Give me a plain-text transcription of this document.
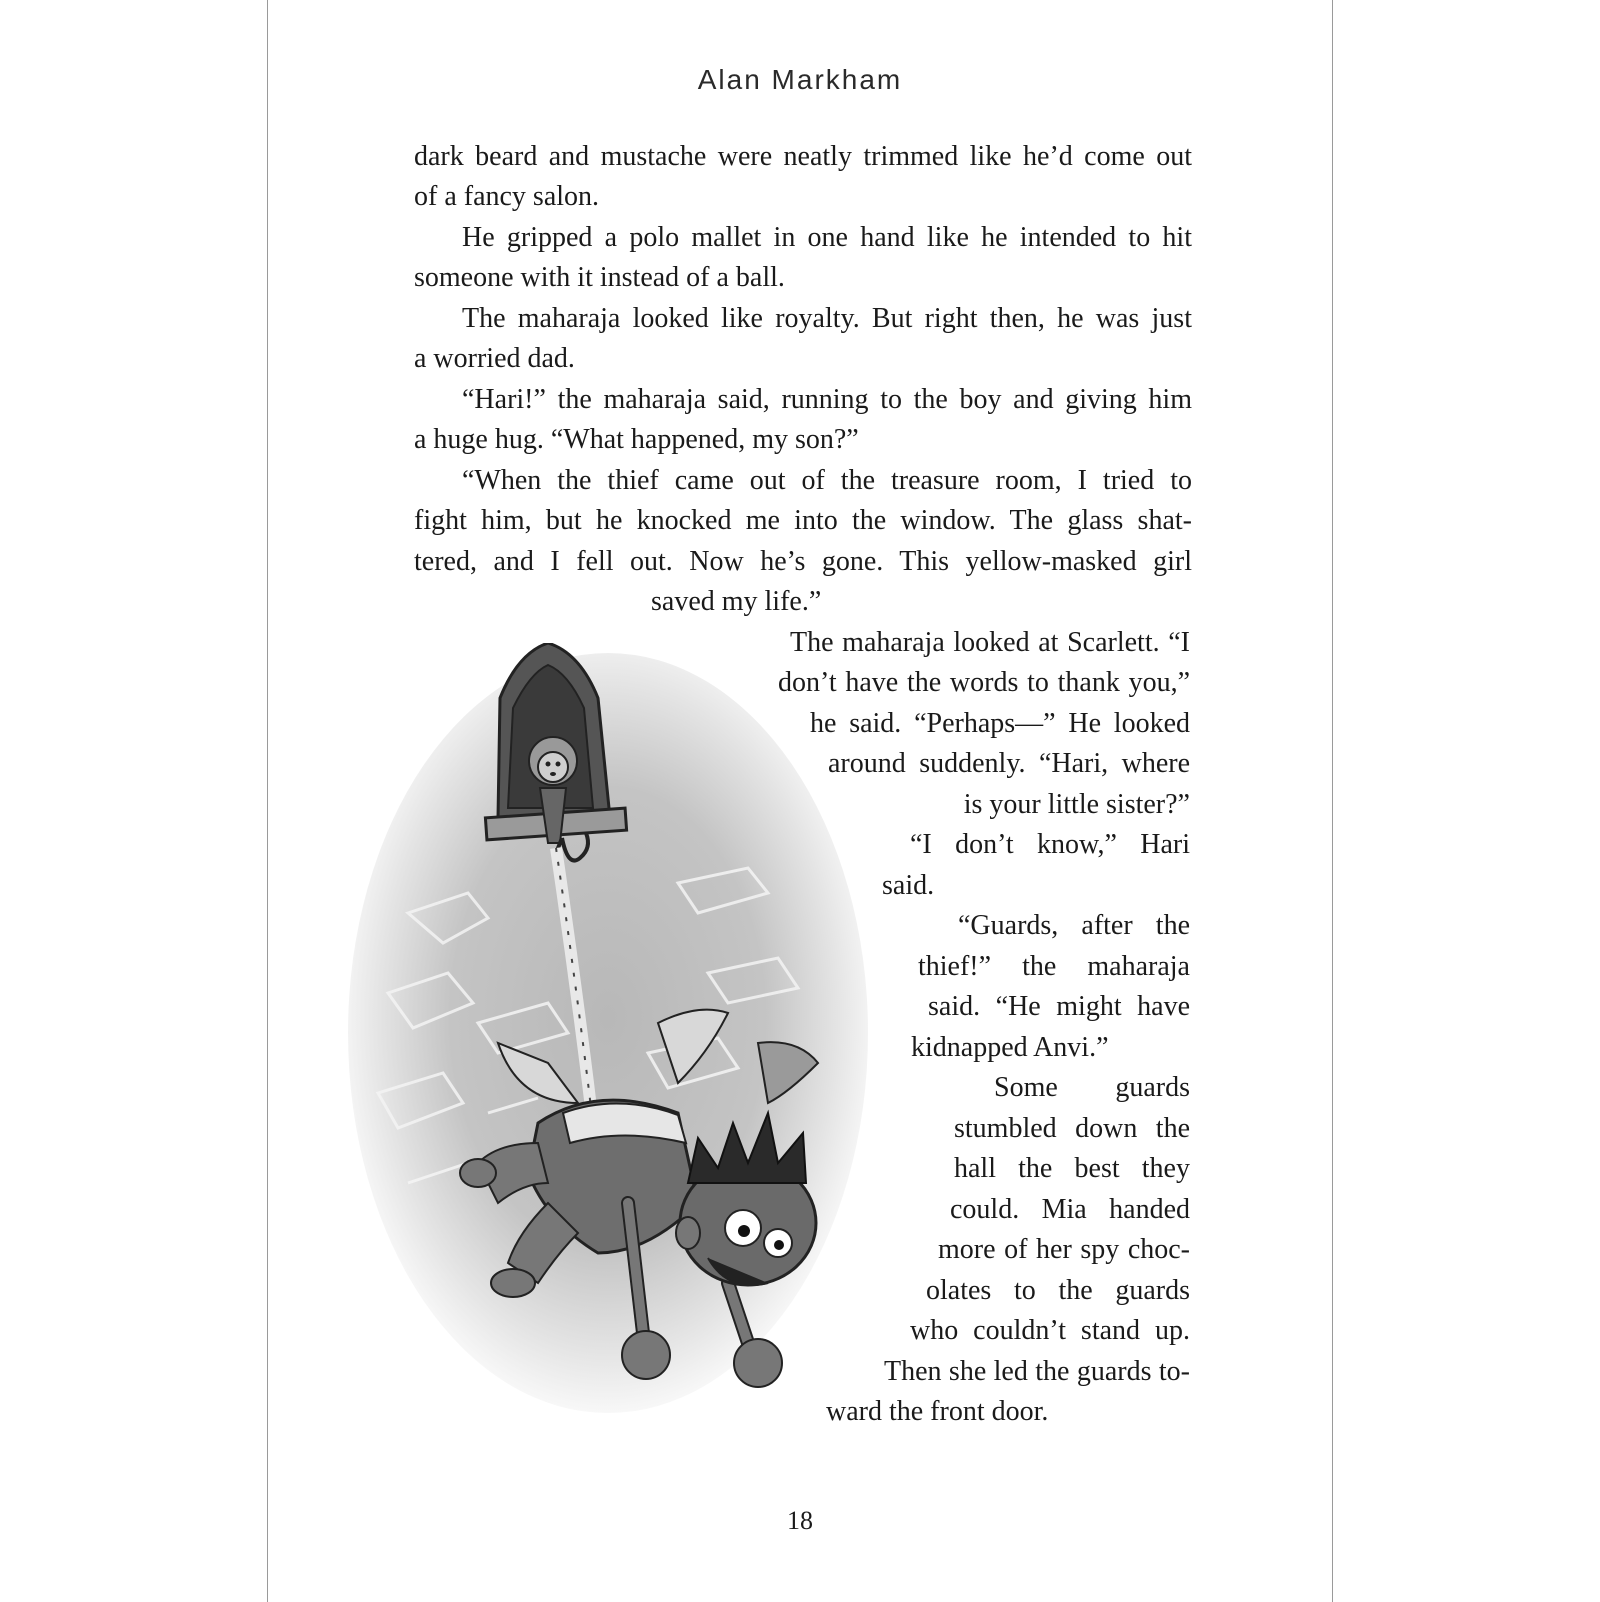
Alan Markham
dark beard and mustache were neatly trimmed like he’d come out
of a fancy salon.
He gripped a polo mallet in one hand like he intended to hit
someone with it instead of a ball.
The maharaja looked like royalty. But right then, he was just
a worried dad.
“Hari!” the maharaja said, running to the boy and giving him
a huge hug. “What happened, my son?”
“When the thief came out of the treasure room, I tried to
fight him, but he knocked me into the window. The glass shat-
tered, and I fell out. Now he’s gone. This yellow-masked girl
saved my life.”
The maharaja looked at Scarlett. “I
don’t have the words to thank you,”
he said. “Perhaps—” He looked
around suddenly. “Hari, where
is your little sister?”
“I don’t know,” Hari
said.
“Guards, after the
thief!” the maharaja
said. “He might have
kidnapped Anvi.”
Some guards
stumbled down the
hall the best they
could. Mia handed
more of her spy choc-
olates to the guards
who couldn’t stand up.
Then she led the guards to-
ward the front door.
18
